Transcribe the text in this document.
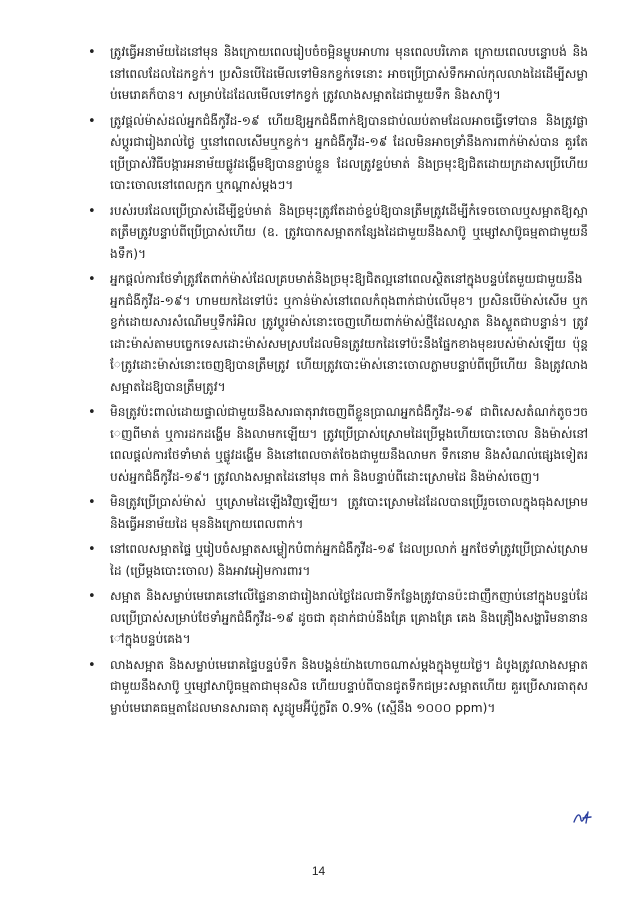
•	ត្រូវធ្វើអនាម័យដៃនៅមុន និងក្រោយពេលរៀបចំចម្អិនម្ហូបអាហារ មុនពេលបរិភោគ ក្រោយពេលបន្ទោបង់ និងនៅពេលដែលដៃកខ្វក់។ ប្រសិនបើដៃមើលទៅមិនកខ្វក់ទេនោះ អាចប្រើប្រាស់ទឹកអាល់កុលលាងដៃដើម្បីសម្លាប់មេរោគក៏បាន។ សម្រាប់ដៃដែលមើលទៅកខ្វក់ ត្រូវលាងសម្អាតដៃជាមួយទឹក និងសាប៊ូ។
•	ត្រូវផ្តល់ម៉ាស់ដល់អ្នកជំងឺកូវីដ-១៩ ហើយឱ្យអ្នកជំងឺពាក់ឱ្យបានជាប់ឈប់តាមដែលអាចធ្វើទៅបាន និងត្រូវផ្លាស់ប្តូរជារៀងរាល់ថ្ងៃ ឬនៅពេលសើមឬកខ្វក់។ អ្នកជំងឺកូវីដ-១៩ ដែលមិនអាចទ្រាំនឹងការពាក់ម៉ាស់បាន គួរតែប្រើប្រាស់វិធីបង្ការអនាម័យផ្លូវដង្ហើមឱ្យបានខ្ជាប់ខ្ជួន ដែលត្រូវខ្ទប់មាត់ និងច្រមុះឱ្យជិតដោយក្រដាសប្រើហើយបោះចោលនៅពេលក្អក ឬកណ្តាស់ម្តងៗ។
•	របស់របរដែលប្រើប្រាស់ដើម្បីខ្ទប់មាត់ និងច្រមុះត្រូវតែដាច់ខ្ទប់ឱ្យបានត្រឹមត្រូវដើម្បីកំទេចចោលឬសម្អាតឱ្យស្អាតត្រឹមត្រូវបន្ទាប់ពីប្រើប្រាស់ហើយ (ឧ. ត្រូវបោកសម្អាតកន្សែងដៃជាមួយនឹងសាប៊ូ ឬម្សៅសាប៊ូធម្មតាជាមួយនឹងទឹក)។
•	អ្នកផ្តល់ការថែទាំត្រូវតែពាក់ម៉ាស់ដែលគ្របមាត់និងច្រមុះឱ្យជិតល្អនៅពេលស្ថិតនៅក្នុងបន្ទប់តែមួយជាមួយនឹងអ្នកជំងឺកូវីដ-១៩។ ហាមយកដៃទៅប៉ះ ឬកាន់ម៉ាស់នៅពេលកំពុងពាក់ជាប់លើមុខ។ ប្រសិនបើម៉ាស់សើម ឬកខ្វក់ដោយសារសំណើមឬទឹករំអិល ត្រូវប្តូរម៉ាស់នោះចេញហើយពាក់ម៉ាស់ថ្មីដែលស្អាត និងស្ងួតជាបន្ទាន់។ ត្រូវដោះម៉ាស់តាមបច្ចេកទេសដោះម៉ាស់សមស្របដែលមិនត្រូវយកដៃទៅប៉ះនឹងផ្នែកខាងមុខរបស់ម៉ាស់ឡើយ ប៉ុន្តែត្រូវដោះម៉ាស់នោះចេញឱ្យបានត្រឹមត្រូវ ហើយត្រូវបោះម៉ាស់នោះចោលភ្លាមបន្ទាប់ពីប្រើហើយ និងត្រូវលាងសម្អាតដៃឱ្យបានត្រឹមត្រូវ។
•	មិនត្រូវប៉ះពាល់ដោយផ្ទាល់ជាមួយនឹងសារធាតុរាវចេញពីខ្លួនប្រាណអ្នកជំងឺកូវីដ-១៩ ជាពិសេសតំណក់តូចៗចេញពីមាត់ ឬការដកដង្ហើម និងលាមកឡើយ។ ត្រូវប្រើប្រាស់ស្រោមដៃប្រើម្តងហើយបោះចោល និងម៉ាស់នៅពេលផ្តល់ការថែទាំមាត់ ឬផ្លូវដង្ហើម និងនៅពេលចាត់ចែងជាមួយនឹងលាមក ទឹកនោម និងសំណល់ផ្សេងទៀតរបស់អ្នកជំងឺកូវីដ-១៩។ ត្រូវលាងសម្អាតដៃនៅមុន ពាក់ និងបន្ទាប់ពីដោះស្រោមដៃ និងម៉ាស់ចេញ។
•	មិនត្រូវប្រើប្រាស់ម៉ាស់ ឬស្រោមដៃឡើងវិញឡើយ។ ត្រូវបោះស្រោមដៃដែលបានប្រើរួចចោលក្នុងធុងសម្រាម និងធ្វើអនាម័យដៃ មុននិងក្រោយពេលពាក់។
•	នៅពេលសម្អាតផ្ទៃ ឬរៀបចំសម្អាតសម្លៀកបំពាក់អ្នកជំងឺកូវីដ-១៩ ដែលប្រលាក់ អ្នកថែទាំត្រូវប្រើប្រាស់ស្រោមដៃ (ប្រើម្តងបោះចោល) និងអាវអៀមការពារ។
•	សម្អាត និងសម្លាប់មេរោគនៅលើផ្ទៃនានាជារៀងរាល់ថ្ងៃដែលជាទីកន្លែងត្រូវបានប៉ះជាញឹកញាប់នៅក្នុងបន្ទប់ដែលប្រើប្រាស់សម្រាប់ថែទាំអ្នកជំងឺកូវីដ-១៩ ដូចជា តុដាក់ជាប់នឹងគ្រែ គ្រោងគ្រែ គេង និងគ្រឿងសង្ហារិមនានានៅក្នុងបន្ទប់គេង។
•	លាងសម្អាត និងសម្លាប់មេរោគផ្ទៃបន្ទប់ទឹក និងបង្គន់យ៉ាងហោចណាស់ម្តងក្នុងមួយថ្ងៃ។ ដំបូងត្រូវលាងសម្អាតជាមួយនឹងសាប៊ូ ឬម្សៅសាប៊ូធម្មតាជាមុនសិន ហើយបន្ទាប់ពីបានជូតទឹកជម្រះសម្អាតហើយ គួរប្រើសារធាតុសម្លាប់មេរោគធម្មតាដែលមានសារធាតុ សូដ្យូមអ៊ីប៉ូក្លរីត 0.9% (ស្មើនឹង ១០០០ ppm)។
14
